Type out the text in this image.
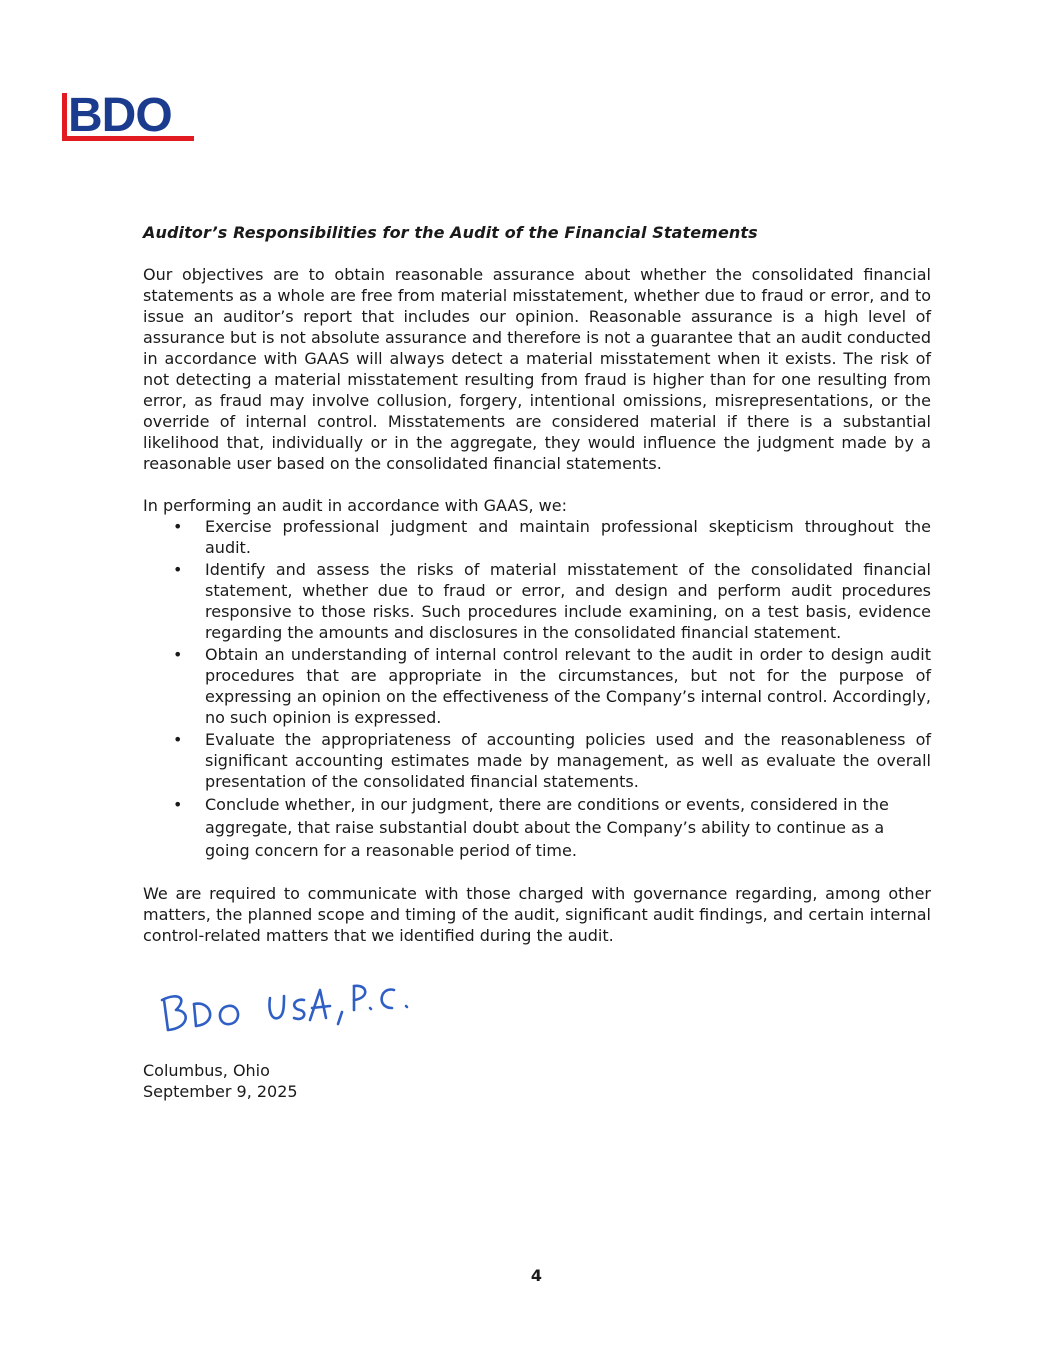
BDO

Auditor’s Responsibilities for the Audit of the Financial Statements

Our objectives are to obtain reasonable assurance about whether the consolidated financial statements as a whole are free from material misstatement, whether due to fraud or error, and to issue an auditor’s report that includes our opinion. Reasonable assurance is a high level of assurance but is not absolute assurance and therefore is not a guarantee that an audit conducted in accordance with GAAS will always detect a material misstatement when it exists. The risk of not detecting a material misstatement resulting from fraud is higher than for one resulting from error, as fraud may involve collusion, forgery, intentional omissions, misrepresentations, or the override of internal control. Misstatements are considered material if there is a substantial likelihood that, individually or in the aggregate, they would influence the judgment made by a reasonable user based on the consolidated financial statements.

In performing an audit in accordance with GAAS, we:

• Exercise professional judgment and maintain professional skepticism throughout the audit.
• Identify and assess the risks of material misstatement of the consolidated financial statement, whether due to fraud or error, and design and perform audit procedures responsive to those risks. Such procedures include examining, on a test basis, evidence regarding the amounts and disclosures in the consolidated financial statement.
• Obtain an understanding of internal control relevant to the audit in order to design audit procedures that are appropriate in the circumstances, but not for the purpose of expressing an opinion on the effectiveness of the Company’s internal control. Accordingly, no such opinion is expressed.
• Evaluate the appropriateness of accounting policies used and the reasonableness of significant accounting estimates made by management, as well as evaluate the overall presentation of the consolidated financial statements.
• Conclude whether, in our judgment, there are conditions or events, considered in the aggregate, that raise substantial doubt about the Company’s ability to continue as a going concern for a reasonable period of time.

We are required to communicate with those charged with governance regarding, among other matters, the planned scope and timing of the audit, significant audit findings, and certain internal control-related matters that we identified during the audit.

Columbus, Ohio
September 9, 2025
4
